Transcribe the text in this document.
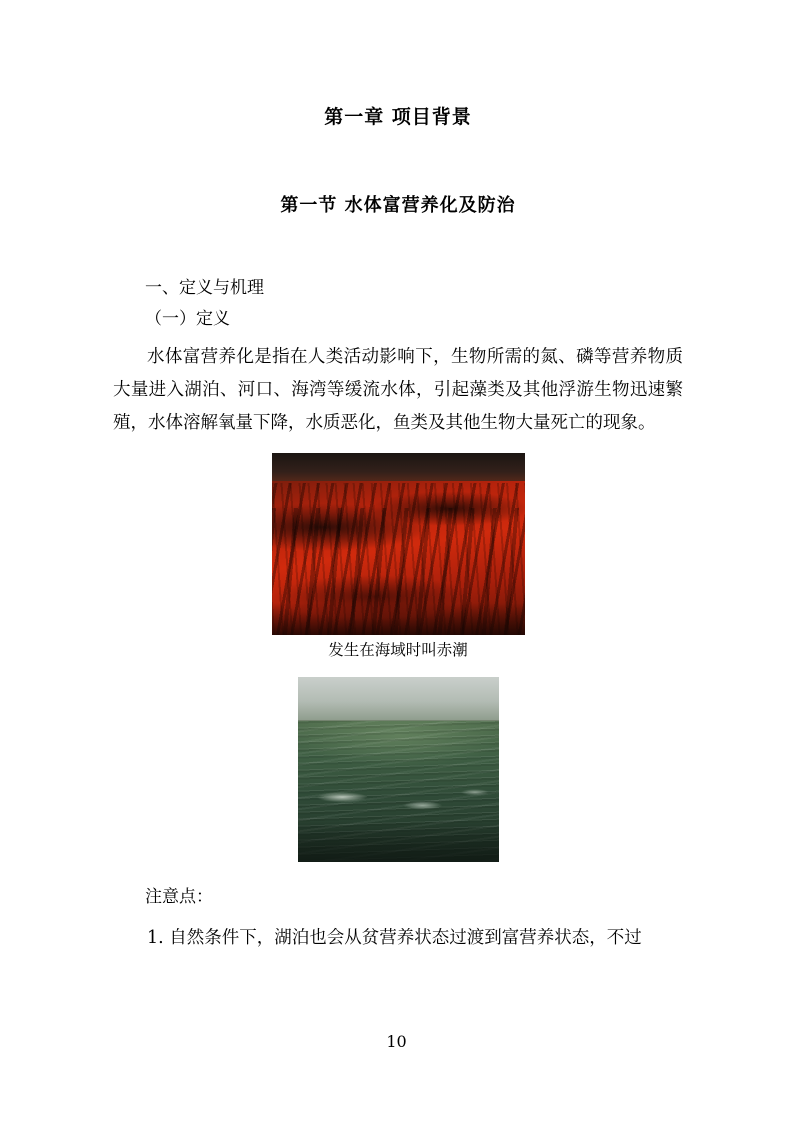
第一章 项目背景
第一节 水体富营养化及防治
一、定义与机理
（一）定义
水体富营养化是指在人类活动影响下，生物所需的氮、磷等营养物质大量进入湖泊、河口、海湾等缓流水体，引起藻类及其他浮游生物迅速繁殖，水体溶解氧量下降，水质恶化，鱼类及其他生物大量死亡的现象。
发生在海域时叫赤潮
注意点：
1. 自然条件下，湖泊也会从贫营养状态过渡到富营养状态，不过
10
